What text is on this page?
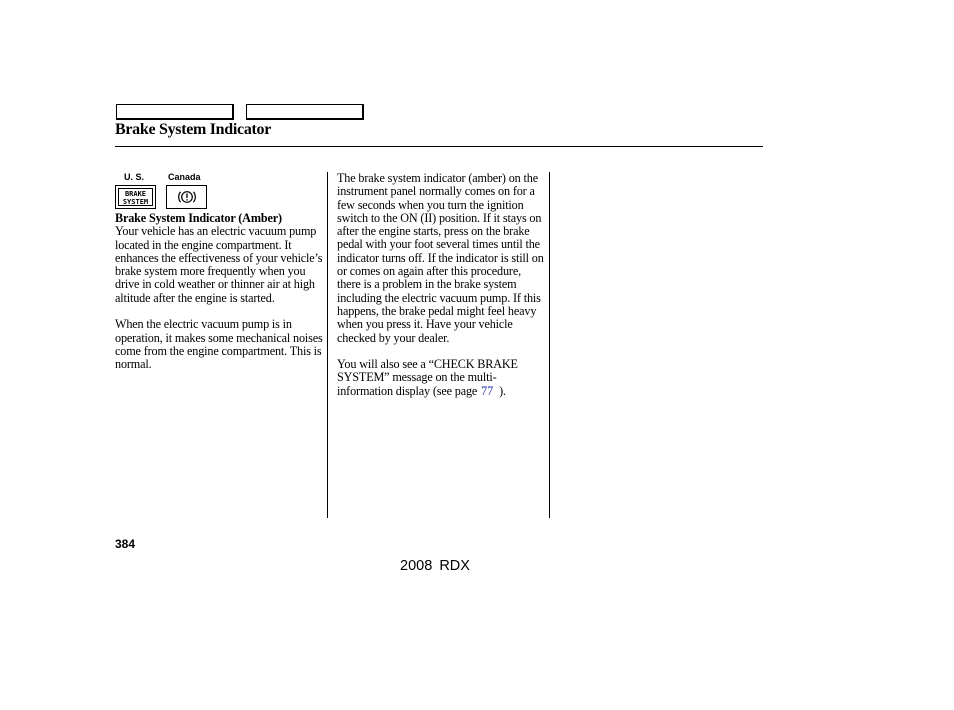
Brake System Indicator
U. S.	Canada
BRAKE
SYSTEM

Brake System Indicator (Amber)
Your vehicle has an electric vacuum pump located in the engine compartment. It enhances the effectiveness of your vehicle’s brake system more frequently when you drive in cold weather or thinner air at high altitude after the engine is started.

When the electric vacuum pump is in operation, it makes some mechanical noises come from the engine compartment. This is normal.

The brake system indicator (amber) on the instrument panel normally comes on for a few seconds when you turn the ignition switch to the ON (II) position. If it stays on after the engine starts, press on the brake pedal with your foot several times until the indicator turns off. If the indicator is still on or comes on again after this procedure, there is a problem in the brake system including the electric vacuum pump. If this happens, the brake pedal might feel heavy when you press it. Have your vehicle checked by your dealer.

You will also see a “CHECK BRAKE SYSTEM” message on the multi-information display (see page 77 ).

384
2008 RDX
